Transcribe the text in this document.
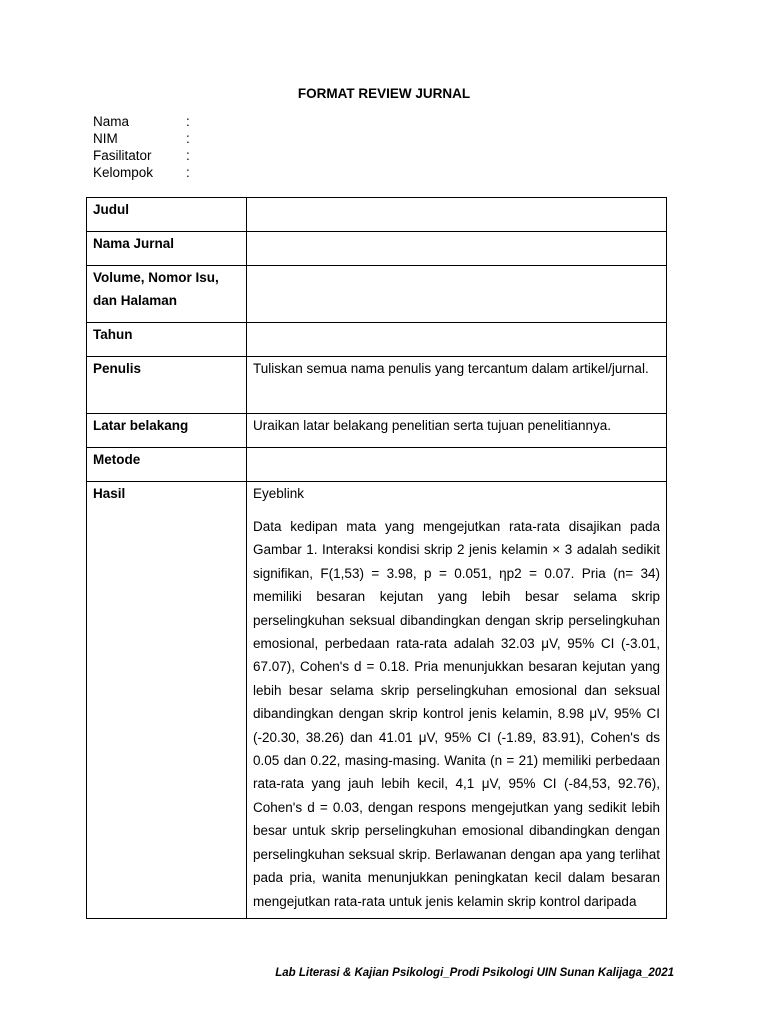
FORMAT REVIEW JURNAL
Nama	:
NIM	:
Fasilitator	:
Kelompok	:
Judul	
Nama Jurnal	
Volume, Nomor Isu, dan Halaman	
Tahun	
Penulis	Tuliskan semua nama penulis yang tercantum dalam artikel/jurnal.
Latar belakang	Uraikan latar belakang penelitian serta tujuan penelitiannya.
Metode	
Hasil	Eyeblink

Data kedipan mata yang mengejutkan rata-rata disajikan pada Gambar 1. Interaksi kondisi skrip 2 jenis kelamin × 3 adalah sedikit signifikan, F(1,53) = 3.98, p = 0.051, ηp2 = 0.07. Pria (n= 34) memiliki besaran kejutan yang lebih besar selama skrip perselingkuhan seksual dibandingkan dengan skrip perselingkuhan emosional, perbedaan rata-rata adalah 32.03 μV, 95% CI (-3.01, 67.07), Cohen's d = 0.18. Pria menunjukkan besaran kejutan yang lebih besar selama skrip perselingkuhan emosional dan seksual dibandingkan dengan skrip kontrol jenis kelamin, 8.98 μV, 95% CI (-20.30, 38.26) dan 41.01 μV, 95% CI (-1.89, 83.91), Cohen's ds 0.05 dan 0.22, masing-masing. Wanita (n = 21) memiliki perbedaan rata-rata yang jauh lebih kecil, 4,1 μV, 95% CI (-84,53, 92.76), Cohen's d = 0.03, dengan respons mengejutkan yang sedikit lebih besar untuk skrip perselingkuhan emosional dibandingkan dengan perselingkuhan seksual skrip. Berlawanan dengan apa yang terlihat pada pria, wanita menunjukkan peningkatan kecil dalam besaran mengejutkan rata-rata untuk jenis kelamin skrip kontrol daripada

Lab Literasi & Kajian Psikologi_Prodi Psikologi UIN Sunan Kalijaga_2021
